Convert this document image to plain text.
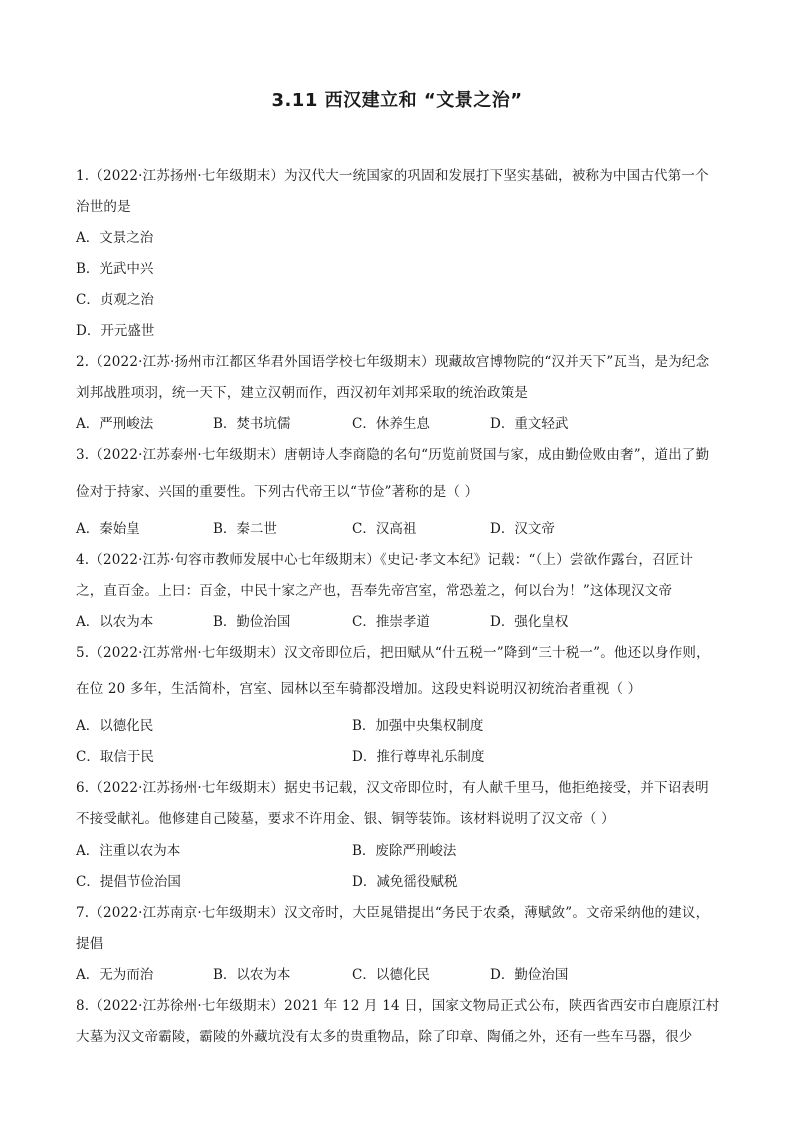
3.11 西汉建立和 “文景之治”
1.（2022·江苏扬州·七年级期末）为汉代大一统国家的巩固和发展打下坚实基础，被称为中国古代第一个
治世的是
A．文景之治
B．光武中兴
C．贞观之治
D．开元盛世
2.（2022·江苏·扬州市江都区华君外国语学校七年级期末）现藏故宫博物院的“汉并天下”瓦当，是为纪念
刘邦战胜项羽，统一天下，建立汉朝而作，西汉初年刘邦采取的统治政策是
A．严刑峻法	B．焚书坑儒	C．休养生息	D．重文轻武
3.（2022·江苏泰州·七年级期末）唐朝诗人李商隐的名句“历览前贤国与家，成由勤俭败由奢”，道出了勤
俭对于持家、兴国的重要性。下列古代帝王以“节俭”著称的是（ ）
A．秦始皇	B．秦二世	C．汉高祖	D．汉文帝
4.（2022·江苏·句容市教师发展中心七年级期末）《史记·孝文本纪》记载：“（上）尝欲作露台，召匠计
之，直百金。上曰：百金，中民十家之产也，吾奉先帝宫室，常恐羞之，何以台为！”这体现汉文帝
A．以农为本	B．勤俭治国	C．推崇孝道	D．强化皇权
5.（2022·江苏常州·七年级期末）汉文帝即位后，把田赋从“什五税一”降到“三十税一”。他还以身作则，
在位 20 多年，生活简朴，宫室、园林以至车骑都没增加。这段史料说明汉初统治者重视（ ）
A．以德化民	B．加强中央集权制度
C．取信于民	D．推行尊卑礼乐制度
6.（2022·江苏扬州·七年级期末）据史书记载，汉文帝即位时，有人献千里马，他拒绝接受，并下诏表明
不接受献礼。他修建自己陵墓，要求不许用金、银、铜等装饰。该材料说明了汉文帝（ ）
A．注重以农为本	B．废除严刑峻法
C．提倡节俭治国	D．减免徭役赋税
7.（2022·江苏南京·七年级期末）汉文帝时，大臣晁错提出“务民于农桑，薄赋敛”。文帝采纳他的建议，
提倡
A．无为而治	B．以农为本	C．以德化民	D．勤俭治国
8.（2022·江苏徐州·七年级期末）2021 年 12 月 14 日，国家文物局正式公布，陕西省西安市白鹿原江村
大墓为汉文帝霸陵，霸陵的外藏坑没有太多的贵重物品，除了印章、陶俑之外，还有一些车马器，很少
